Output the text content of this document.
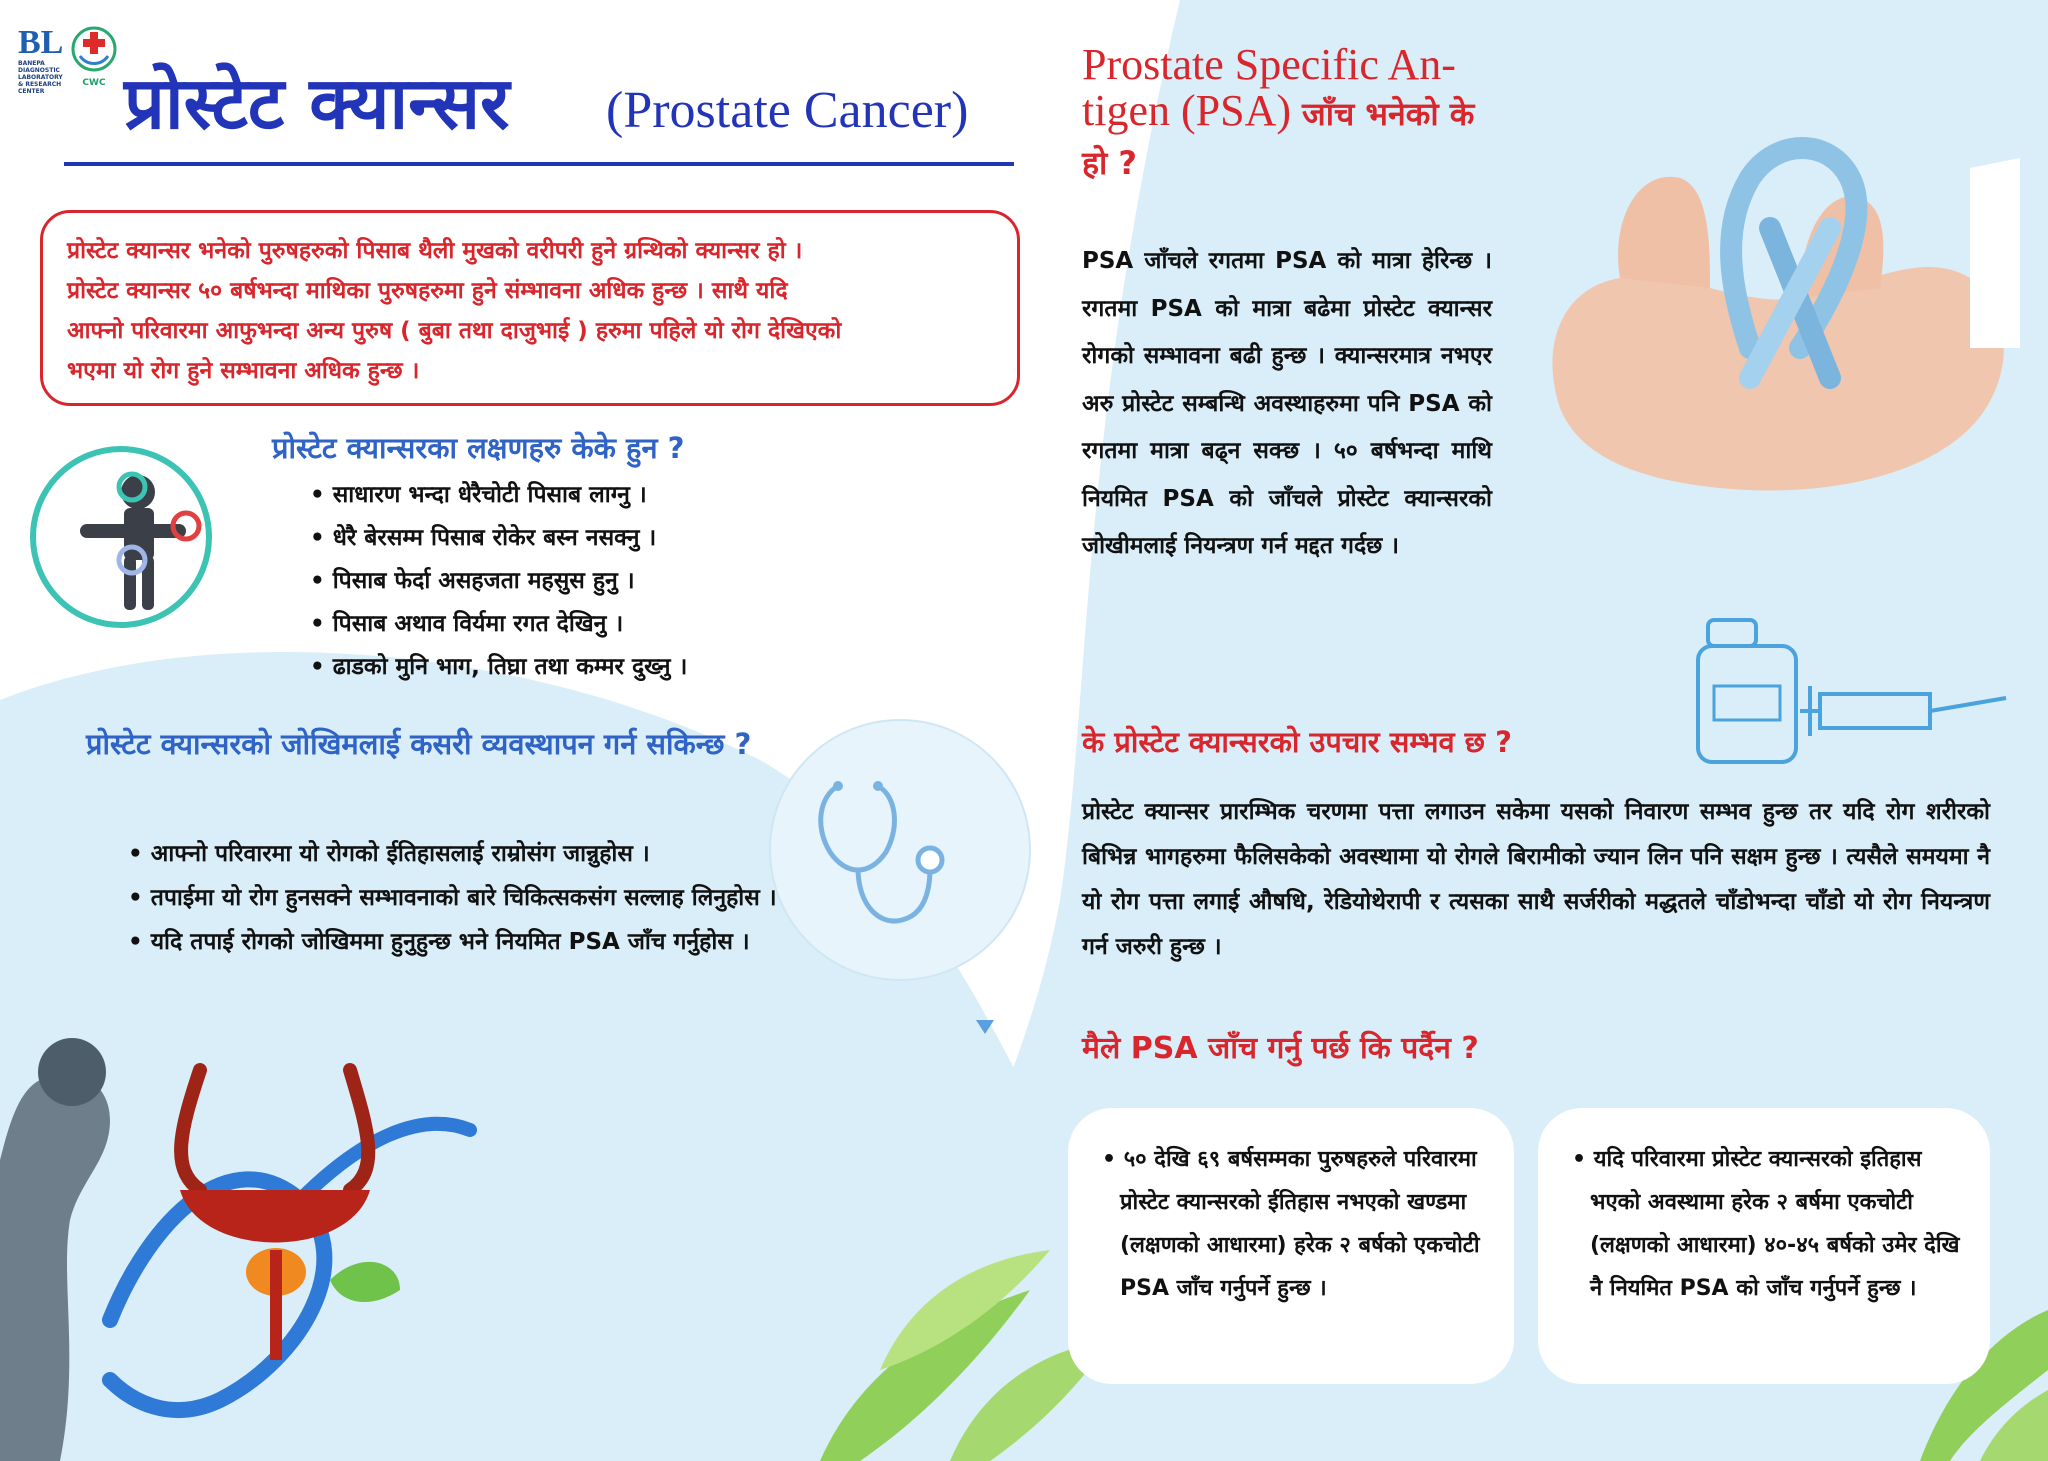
BL
BANEPA DIAGNOSTIC LABORATORY & RESEARCH CENTER
CWC प्रोस्टेट क्यान्सर (Prostate Cancer)

प्रोस्टेट क्यान्सर भनेको पुरुषहरुको पिसाब थैली मुखको वरीपरी हुने ग्रन्थिको क्यान्सर हो ।

प्रोस्टेट क्यान्सर ५० बर्षभन्दा माथिका पुरुषहरुमा हुने संम्भावना अधिक हुन्छ । साथै यदि

आफ्नो परिवारमा आफुभन्दा अन्य पुरुष ( बुबा तथा दाजुभाई ) हरुमा पहिले यो रोग देखिएको

भएमा यो रोग हुने सम्भावना अधिक हुन्छ ।

प्रोस्टेट क्यान्सरका लक्षणहरु केके हुन ?
• साधारण भन्दा धेरैचोटी पिसाब लाग्नु ।
• धेरै बेरसम्म पिसाब रोकेर बस्न नसक्नु ।
• पिसाब फेर्दा असहजता महसुस हुनु ।
• पिसाब अथाव विर्यमा रगत देखिनु ।
• ढाडको मुनि भाग, तिघ्रा तथा कम्मर दुख्नु ।
प्रोस्टेट क्यान्सरको जोखिमलाई कसरी व्यवस्थापन गर्न सकिन्छ ?
• आफ्नो परिवारमा यो रोगको ईतिहासलाई राम्रोसंग जान्नुहोस ।
• तपाईमा यो रोग हुनसक्ने सम्भावनाको बारे चिकित्सकसंग सल्लाह लिनुहोस ।
• यदि तपाई रोगको जोखिममा हुनुहुन्छ भने नियमित PSA जाँच गर्नुहोस ।
Prostate Specific An-tigen (PSA) जाँच भनेको के हो ?

PSA जाँचले रगतमा PSA को मात्रा हेरिन्छ । रगतमा PSA को मात्रा बढेमा प्रोस्टेट क्यान्सर रोगको सम्भावना बढी हुन्छ । क्यान्सरमात्र नभएर अरु प्रोस्टेट सम्बन्धि अवस्थाहरुमा पनि PSA को रगतमा मात्रा बढ्न सक्छ । ५० बर्षभन्दा माथि नियमित PSA को जाँचले प्रोस्टेट क्यान्सरको जोखीमलाई नियन्त्रण गर्न मद्दत गर्दछ ।

के प्रोस्टेट क्यान्सरको उपचार सम्भव छ ?

प्रोस्टेट क्यान्सर प्रारम्भिक चरणमा पत्ता लगाउन सकेमा यसको निवारण सम्भव हुन्छ तर यदि रोग शरीरको बिभिन्न भागहरुमा फैलिसकेको अवस्थामा यो रोगले बिरामीको ज्यान लिन पनि सक्षम हुन्छ । त्यसैले समयमा नै यो रोग पत्ता लगाई औषधि, रेडियोथेरापी र त्यसका साथै सर्जरीको मद्धतले चाँडोभन्दा चाँडो यो रोग नियन्त्रण गर्न जरुरी हुन्छ ।

मैले PSA जाँच गर्नु पर्छ कि पर्दैन ?

• ५० देखि ६९ बर्षसम्मका पुरुषहरुले परिवारमा प्रोस्टेट क्यान्सरको ईतिहास नभएको खण्डमा (लक्षणको आधारमा) हरेक २ बर्षको एकचोटी PSA जाँच गर्नुपर्ने हुन्छ ।

• यदि परिवारमा प्रोस्टेट क्यान्सरको इतिहास भएको अवस्थामा हरेक २ बर्षमा एकचोटी (लक्षणको आधारमा) ४०-४५ बर्षको उमेर देखि नै नियमित PSA को जाँच गर्नुपर्ने हुन्छ ।
